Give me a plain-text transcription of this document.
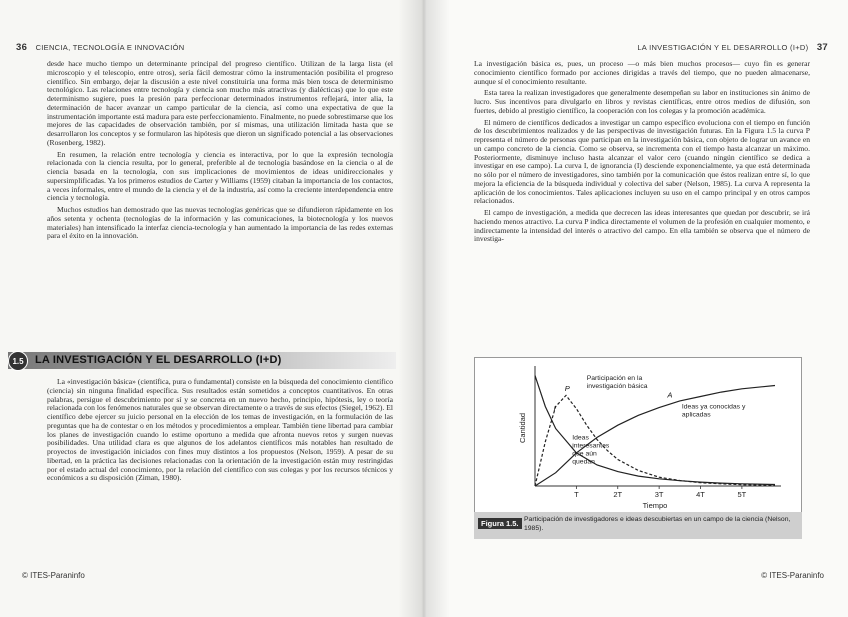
36 CIENCIA, TECNOLOGÍA E INNOVACIÓN

desde hace mucho tiempo un determinante principal del progreso científico. Utilizan de la larga lista (el microscopio y el telescopio, entre otros), sería fácil demostrar cómo la instrumentación posibilita el progreso científico. Sin embargo, dejar la discusión a este nivel constituiría una forma más bien tosca de determinismo tecnológico. Las relaciones entre tecnología y ciencia son mucho más atractivas (y dialécticas) que lo que este determinismo sugiere, pues la presión para perfeccionar determinados instrumentos reflejará, inter alia, la determinación de hacer avanzar un campo particular de la ciencia, así como una expectativa de que la instrumentación importante está madura para este perfeccionamiento. Finalmente, no puede sobrestimarse que los mejores de las capacidades de observación también, por sí mismas, una utilización limitada hasta que se desarrollaron los conceptos y se formularon las hipótesis que dieron un significado potencial a las observaciones (Rosenberg, 1982).

En resumen, la relación entre tecnología y ciencia es interactiva, por lo que la expresión tecnología relacionada con la ciencia resulta, por lo general, preferible al de tecnología basándose en la ciencia o al de ciencia basada en la tecnología, con sus implicaciones de movimientos de ideas unidireccionales y supersimplificadas. Ya los primeros estudios de Carter y Williams (1959) citaban la importancia de los contactos, a veces informales, entre el mundo de la ciencia y el de la industria, así como la creciente interdependencia entre ciencia y tecnología.

Muchos estudios han demostrado que las nuevas tecnologías genéricas que se difundieron rápidamente en los años setenta y ochenta (tecnologías de la información y las comunicaciones, la biotecnología y los nuevos materiales) han intensificado la interfaz ciencia-tecnología y han aumentado la importancia de las redes externas para el éxito en la innovación.

1.5	LA INVESTIGACIÓN Y EL DESARROLLO (I+D)

La «investigación básica» (científica, pura o fundamental) consiste en la búsqueda del conocimiento científico (ciencia) sin ninguna finalidad específica. Sus resultados están sometidos a conceptos cuantitativos. En otras palabras, persigue el descubrimiento por sí y se concreta en un nuevo hecho, principio, hipótesis, ley o teoría relacionada con los fenómenos naturales que se observan directamente o a través de sus efectos (Siegel, 1962). El científico debe ejercer su juicio personal en la elección de los temas de investigación, en la formulación de las preguntas que ha de contestar o en los métodos y procedimientos a emplear. También tiene libertad para cambiar los planes de investigación cuando lo estime oportuno a medida que afronta nuevos retos y surgen nuevas posibilidades. Una utilidad clara es que algunos de los adelantos científicos más notables han resultado de proyectos de investigación iniciados con fines muy distintos a los propuestos (Nelson, 1959). A pesar de su libertad, en la práctica las decisiones relacionadas con la orientación de la investigación están muy restringidas por el estado actual del conocimiento, por la relación del científico con sus colegas y por los recursos técnicos y económicos a su disposición (Ziman, 1980).

© ITES-Paraninfo
LA INVESTIGACIÓN Y EL DESARROLLO (I+D) 37

La investigación básica es, pues, un proceso —o más bien muchos procesos— cuyo fin es generar conocimiento científico formado por acciones dirigidas a través del tiempo, que no pueden almacenarse, aunque sí el conocimiento resultante.

Esta tarea la realizan investigadores que generalmente desempeñan su labor en instituciones sin ánimo de lucro. Sus incentivos para divulgarlo en libros y revistas científicas, entre otros medios de difusión, son fuertes, debido al prestigio científico, la cooperación con los colegas y la promoción académica.

El número de científicos dedicados a investigar un campo específico evoluciona con el tiempo en función de los descubrimientos realizados y de las perspectivas de investigación futuras. En la Figura 1.5 la curva P representa el número de personas que participan en la investigación básica, con objeto de lograr un avance en un campo concreto de la ciencia. Como se observa, se incrementa con el tiempo hasta alcanzar un máximo. Posteriormente, disminuye incluso hasta alcanzar el valor cero (cuando ningún científico se dedica a investigar en ese campo). La curva I, de ignorancia (I) desciende exponencialmente, ya que está determinada no sólo por el número de investigadores, sino también por la comunicación que éstos realizan entre sí, lo que mejora la eficiencia de la búsqueda individual y colectiva del saber (Nelson, 1985). La curva A representa la aplicación de los conocimientos. Tales aplicaciones incluyen su uso en el campo principal y en otros campos relacionados.

El campo de investigación, a medida que decrecen las ideas interesantes que quedan por descubrir, se irá haciendo menos atractivo. La curva P indica directamente el volumen de la profesión en cualquier momento, e indirectamente la intensidad del interés o atractivo del campo. En ella también se observa que el número de investiga-

© ITES-Paraninfo
T	2T	3T	4T	5T
Tiempo
Cantidad
P
I
A
Participación en la investigación básica
Ideas ya conocidas y aplicadas
Ideas interesantes que aún quedan
Figura 1.5. Participación de investigadores e ideas descubiertas en un campo de la ciencia (Nelson, 1985).
